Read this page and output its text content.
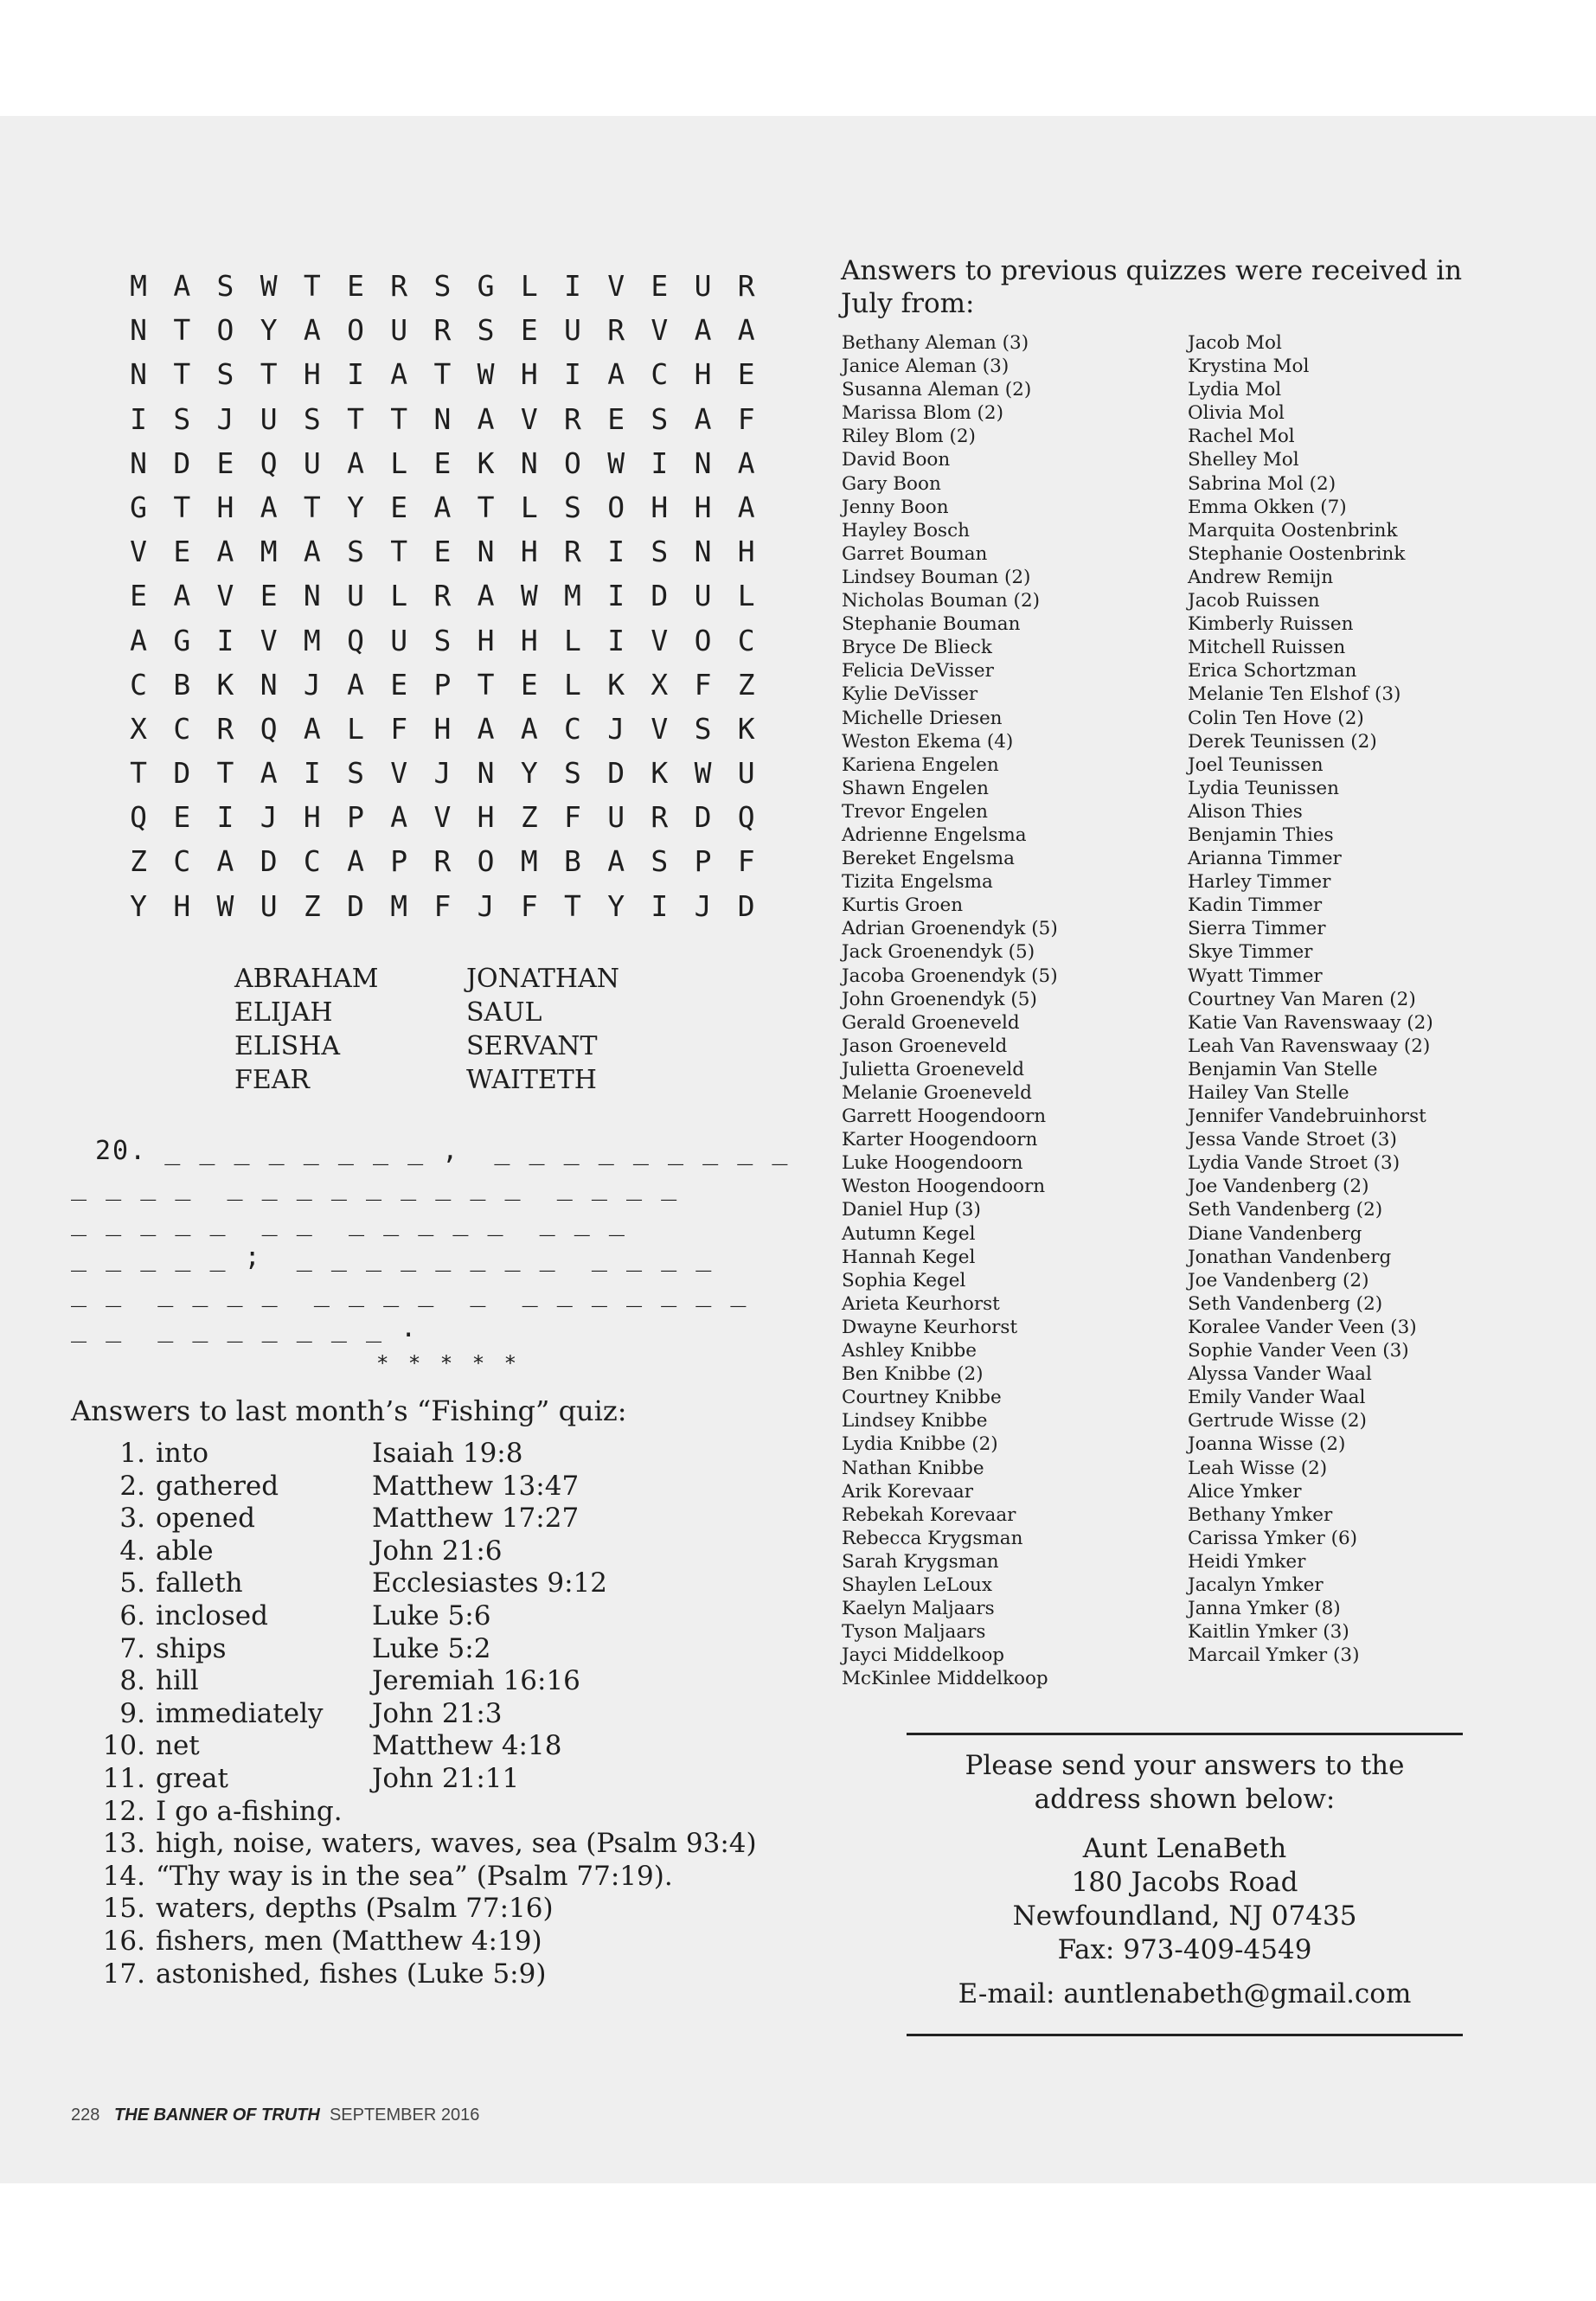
M A S W T E R S G L I V E U R
N T O Y A O U R S E U R V A A
N T S T H I A T W H I A C H E
I S J U S T T N A V R E S A F
N D E Q U A L E K N O W I N A
G T H A T Y E A T L S O H H A
V E A M A S T E N H R I S N H
E A V E N U L R A W M I D U L
A G I V M Q U S H H L I V O C
C B K N J A E P T E L K X F Z
X C R Q A L F H A A C J V S K
T D T A I S V J N Y S D K W U
Q E I J H P A V H Z F U R D Q
Z C A D C A P R O M B A S P F
Y H W U Z D M F J F T Y I J D
ABRAHAM	JONATHAN
ELIJAH	SAUL
ELISHA	SERVANT
FEAR	WAITETH
20. _ _ _ _ _ _ _ _ ,  _ _ _ _ _ _ _ _ _
_ _ _ _  _ _ _ _ _ _ _ _ _  _ _ _ _
_ _ _ _ _  _ _  _ _ _ _ _  _ _ _
_ _ _ _ _ ;  _ _ _ _ _ _ _ _  _ _ _ _
_ _  _ _ _ _  _ _ _ _  _  _ _ _ _ _ _ _
_ _  _ _ _ _ _ _ _ .
* * * * *
Answers to last month’s “Fishing” quiz:
1. into	Isaiah 19:8
2. gathered	Matthew 13:47
3. opened	Matthew 17:27
4. able	John 21:6
5. falleth	Ecclesiastes 9:12
6. inclosed	Luke 5:6
7. ships	Luke 5:2
8. hill	Jeremiah 16:16
9. immediately John 21:3
10. net	Matthew 4:18
11. great	John 21:11
12. I go a-fishing.
13. high, noise, waters, waves, sea (Psalm 93:4)
14. “Thy way is in the sea” (Psalm 77:19).
15. waters, depths (Psalm 77:16)
16. fishers, men (Matthew 4:19)
17. astonished, fishes (Luke 5:9)
Answers to previous quizzes were received in July from:
Bethany Aleman (3)
Janice Aleman (3)
Susanna Aleman (2)
Marissa Blom (2)
Riley Blom (2)
David Boon
Gary Boon
Jenny Boon
Hayley Bosch
Garret Bouman
Lindsey Bouman (2)
Nicholas Bouman (2)
Stephanie Bouman
Bryce De Blieck
Felicia DeVisser
Kylie DeVisser
Michelle Driesen
Weston Ekema (4)
Kariena Engelen
Shawn Engelen
Trevor Engelen
Adrienne Engelsma
Bereket Engelsma
Tizita Engelsma
Kurtis Groen
Adrian Groenendyk (5)
Jack Groenendyk (5)
Jacoba Groenendyk (5)
John Groenendyk (5)
Gerald Groeneveld
Jason Groeneveld
Julietta Groeneveld
Melanie Groeneveld
Garrett Hoogendoorn
Karter Hoogendoorn
Luke Hoogendoorn
Weston Hoogendoorn
Daniel Hup (3)
Autumn Kegel
Hannah Kegel
Sophia Kegel
Arieta Keurhorst
Dwayne Keurhorst
Ashley Knibbe
Ben Knibbe (2)
Courtney Knibbe
Lindsey Knibbe
Lydia Knibbe (2)
Nathan Knibbe
Arik Korevaar
Rebekah Korevaar
Rebecca Krygsman
Sarah Krygsman
Shaylen LeLoux
Kaelyn Maljaars
Tyson Maljaars
Jayci Middelkoop
McKinlee Middelkoop
Jacob Mol
Krystina Mol
Lydia Mol
Olivia Mol
Rachel Mol
Shelley Mol
Sabrina Mol (2)
Emma Okken (7)
Marquita Oostenbrink
Stephanie Oostenbrink
Andrew Remijn
Jacob Ruissen
Kimberly Ruissen
Mitchell Ruissen
Erica Schortzman
Melanie Ten Elshof (3)
Colin Ten Hove (2)
Derek Teunissen (2)
Joel Teunissen
Lydia Teunissen
Alison Thies
Benjamin Thies
Arianna Timmer
Harley Timmer
Kadin Timmer
Sierra Timmer
Skye Timmer
Wyatt Timmer
Courtney Van Maren (2)
Katie Van Ravenswaay (2)
Leah Van Ravenswaay (2)
Benjamin Van Stelle
Hailey Van Stelle
Jennifer Vandebruinhorst
Jessa Vande Stroet (3)
Lydia Vande Stroet (3)
Joe Vandenberg (2)
Seth Vandenberg (2)
Diane Vandenberg
Jonathan Vandenberg
Joe Vandenberg (2)
Seth Vandenberg (2)
Koralee Vander Veen (3)
Sophie Vander Veen (3)
Alyssa Vander Waal
Emily Vander Waal
Gertrude Wisse (2)
Joanna Wisse (2)
Leah Wisse (2)
Alice Ymker
Bethany Ymker
Carissa Ymker (6)
Heidi Ymker
Jacalyn Ymker
Janna Ymker (8)
Kaitlin Ymker (3)
Marcail Ymker (3)
Please send your answers to the
address shown below:
Aunt LenaBeth
180 Jacobs Road
Newfoundland, NJ 07435
Fax: 973-409-4549
E-mail: auntlenabeth@gmail.com
228 THE BANNER OF TRUTH SEPTEMBER 2016
